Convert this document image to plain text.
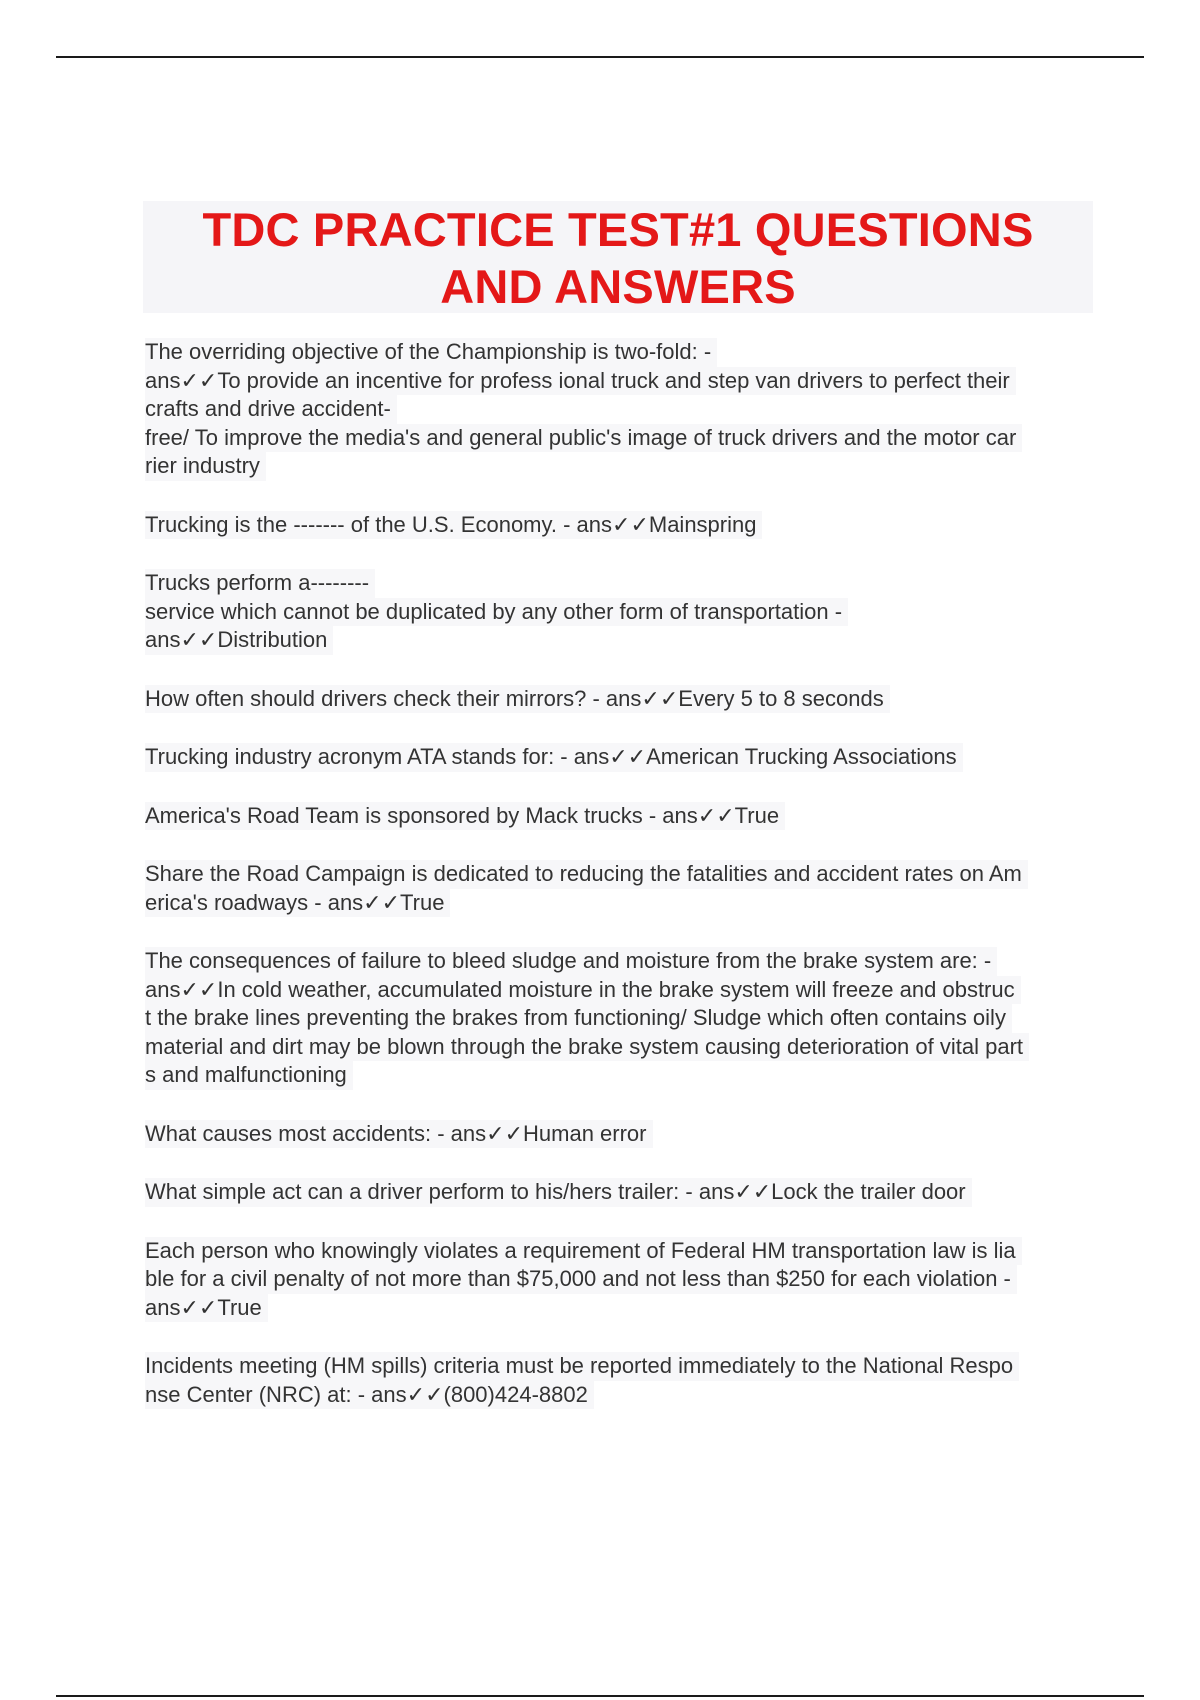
TDC PRACTICE TEST#1 QUESTIONS
AND ANSWERS
The overriding objective of the Championship is two-fold: -
ans✓✓To provide an incentive for profess ional truck and step van drivers to perfect their
crafts and drive accident-
free/ To improve the media's and general public's image of truck drivers and the motor car
rier industry
Trucking is the ------- of the U.S. Economy. - ans✓✓Mainspring
Trucks perform a--------
service which cannot be duplicated by any other form of transportation -
ans✓✓Distribution
How often should drivers check their mirrors? - ans✓✓Every 5 to 8 seconds
Trucking industry acronym ATA stands for: - ans✓✓American Trucking Associations
America's Road Team is sponsored by Mack trucks - ans✓✓True
Share the Road Campaign is dedicated to reducing the fatalities and accident rates on Am
erica's roadways - ans✓✓True
The consequences of failure to bleed sludge and moisture from the brake system are: -
ans✓✓In cold weather, accumulated moisture in the brake system will freeze and obstruc
t the brake lines preventing the brakes from functioning/ Sludge which often contains oily
material and dirt may be blown through the brake system causing deterioration of vital part
s and malfunctioning
What causes most accidents: - ans✓✓Human error
What simple act can a driver perform to his/hers trailer: - ans✓✓Lock the trailer door
Each person who knowingly violates a requirement of Federal HM transportation law is lia
ble for a civil penalty of not more than $75,000 and not less than $250 for each violation -
ans✓✓True
Incidents meeting (HM spills) criteria must be reported immediately to the National Respo
nse Center (NRC) at: - ans✓✓(800)424-8802
